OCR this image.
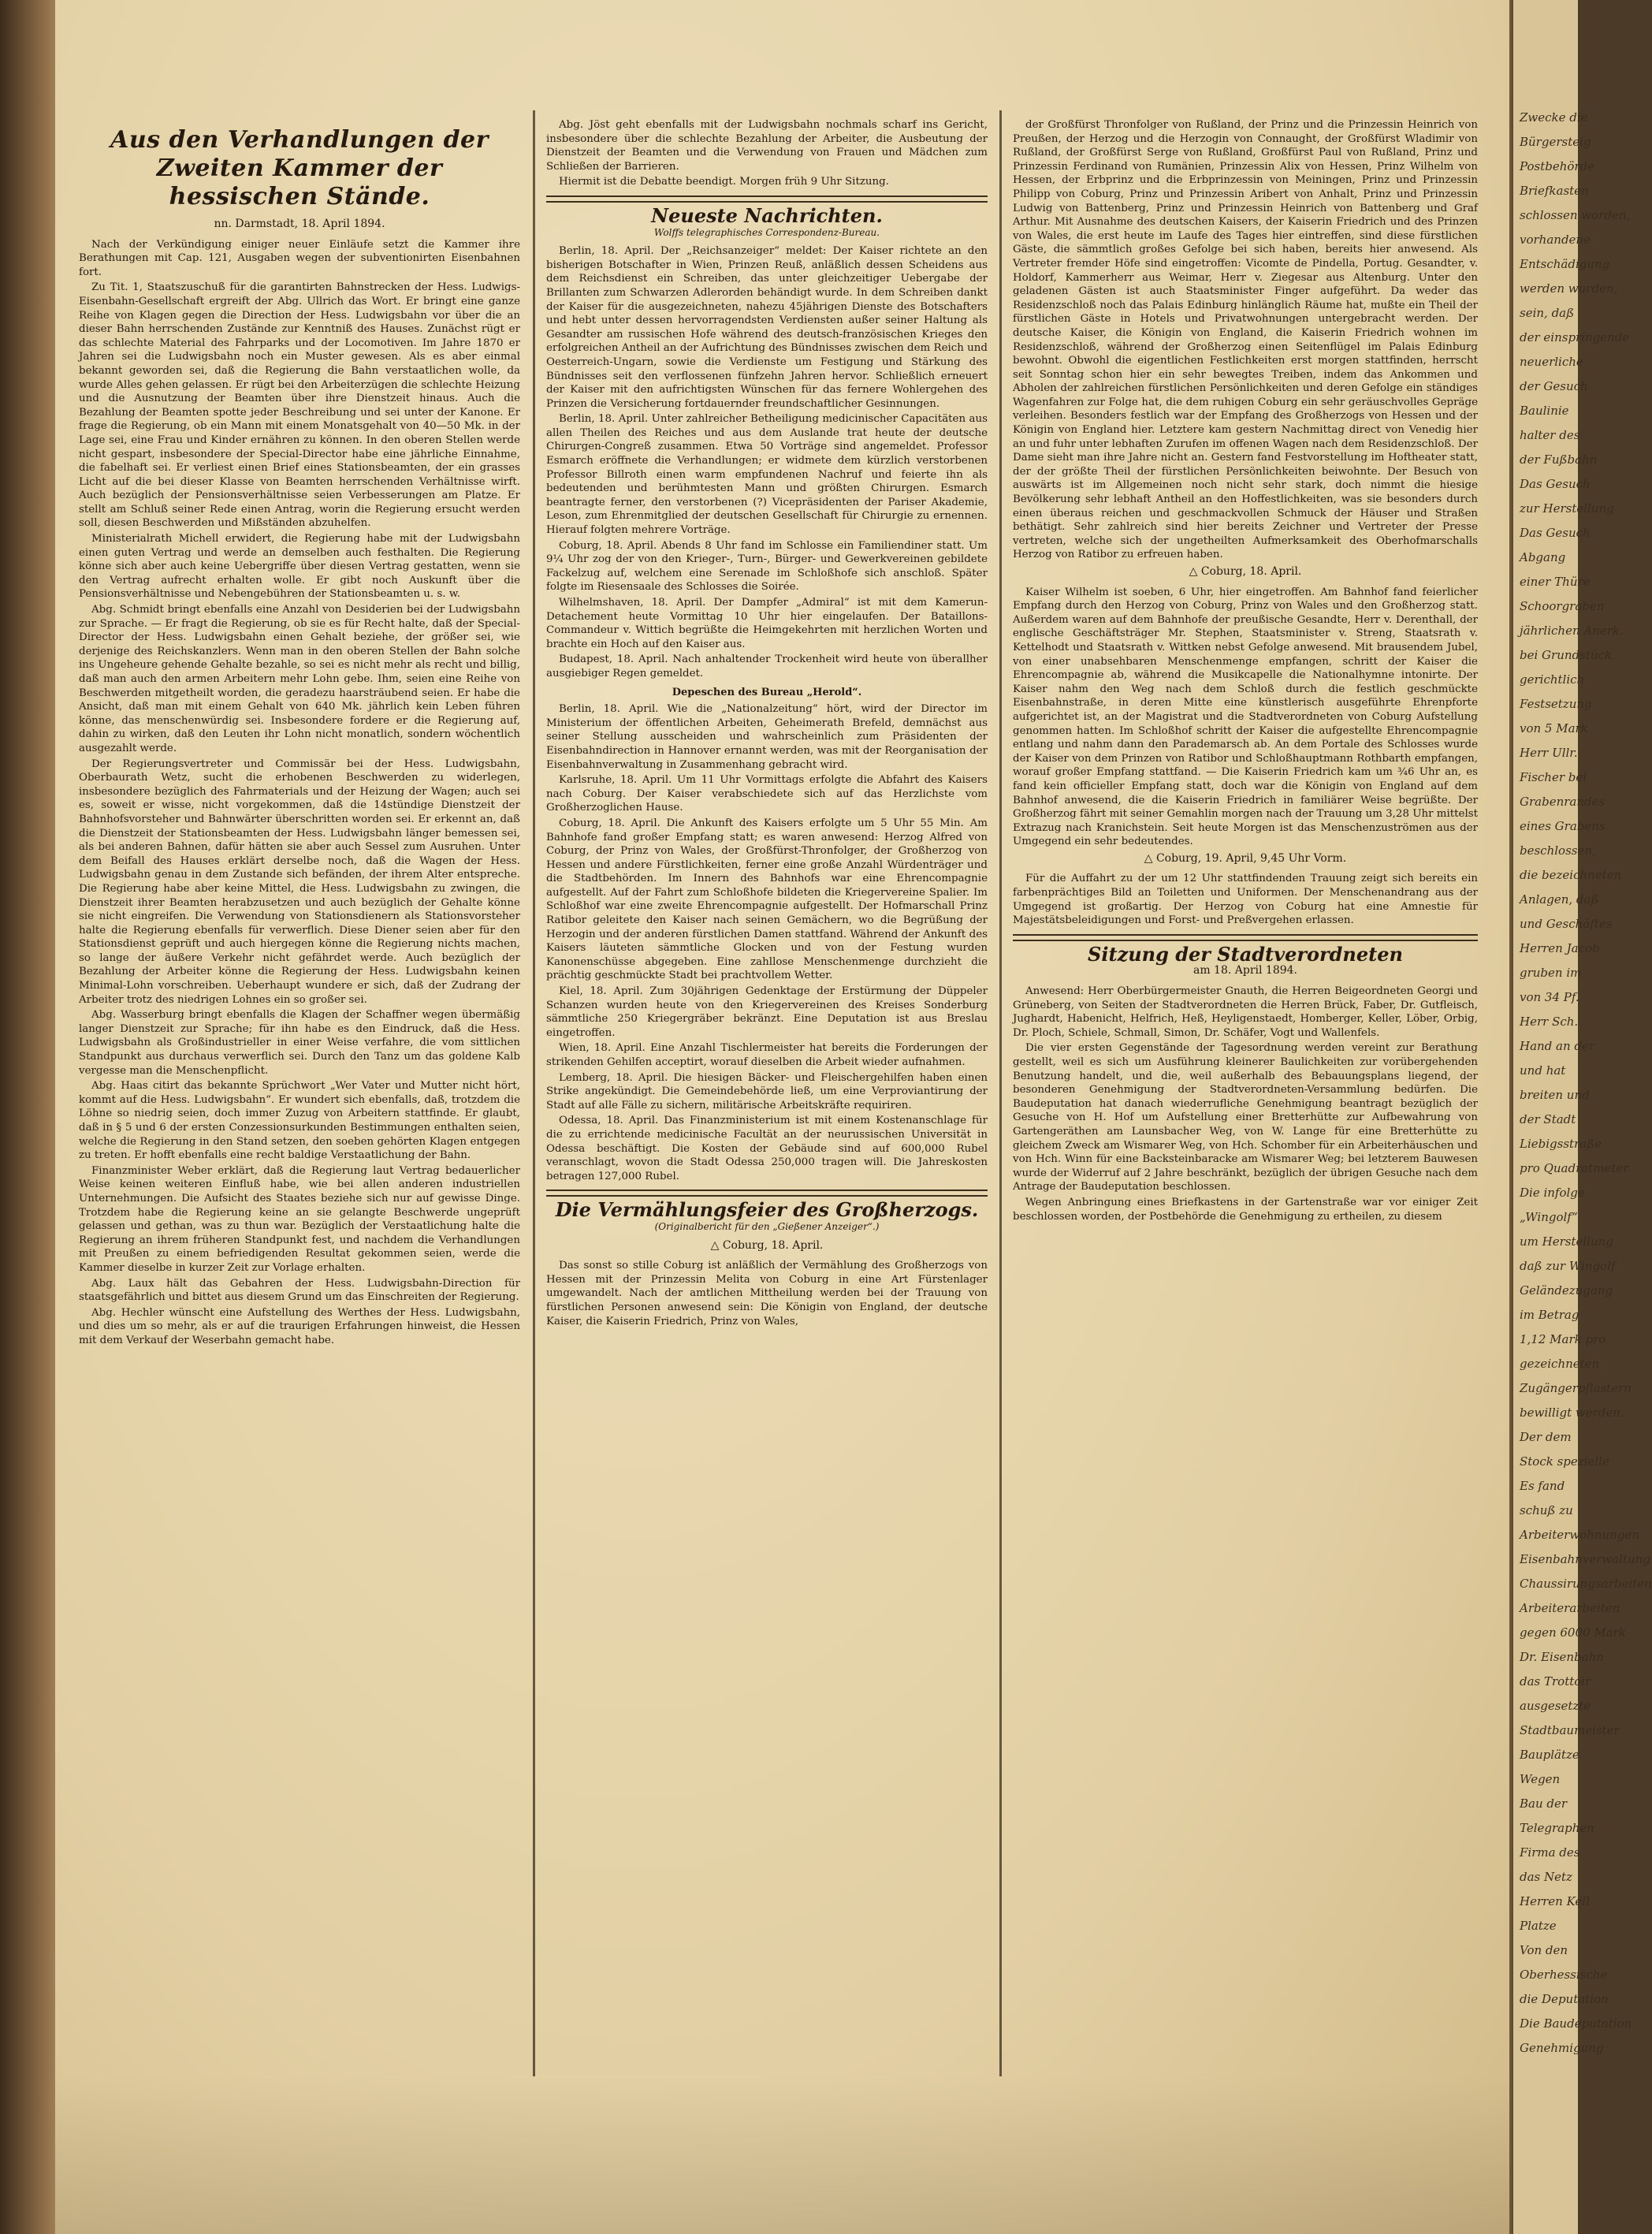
Aus den Verhandlungen der Zweiten Kammer der hessischen Stände.
nn. Darmstadt, 18. April 1894.

Nach der Verkündigung einiger neuer Einläufe setzt die Kammer ihre Berathungen mit Cap. 121, Ausgaben wegen der subventionirten Eisenbahnen fort.

Zu Tit. 1, Staatszuschuß für die garantirten Bahnstrecken der Hess. Ludwigs-Eisenbahn-Gesellschaft ergreift der Abg. Ullrich das Wort. Er bringt eine ganze Reihe von Klagen gegen die Direction der Hess. Ludwigsbahn vor über die an dieser Bahn herrschenden Zustände zur Kenntniß des Hauses. Zunächst rügt er das schlechte Material des Fahrparks und der Locomotiven. Im Jahre 1870 er Jahren sei die Ludwigsbahn noch ein Muster gewesen. Als es aber einmal bekannt geworden sei, daß die Regierung die Bahn verstaatlichen wolle, da wurde Alles gehen gelassen. Er rügt bei den Arbeiterzügen die schlechte Heizung und die Ausnutzung der Beamten über ihre Dienstzeit hinaus. Auch die Bezahlung der Beamten spotte jeder Beschreibung und sei unter der Kanone. Er frage die Regierung, ob ein Mann mit einem Monatsgehalt von 40—50 Mk. in der Lage sei, eine Frau und Kinder ernähren zu können. In den oberen Stellen werde nicht gespart, insbesondere der Special-Director habe eine jährliche Einnahme, die fabelhaft sei. Er verliest einen Brief eines Stationsbeamten, der ein grasses Licht auf die bei dieser Klasse von Beamten herrschenden Verhältnisse wirft. Auch bezüglich der Pensionsverhältnisse seien Verbesserungen am Platze. Er stellt am Schluß seiner Rede einen Antrag, worin die Regierung ersucht werden soll, diesen Beschwerden und Mißständen abzuhelfen.

Ministerialrath Michell erwidert, die Regierung habe mit der Ludwigsbahn einen guten Vertrag und werde an demselben auch festhalten. Die Regierung könne sich aber auch keine Uebergriffe über diesen Vertrag gestatten, wenn sie den Vertrag aufrecht erhalten wolle. Er gibt noch Auskunft über die Pensionsverhältnisse und Nebengebühren der Stationsbeamten u. s. w.

Abg. Schmidt bringt ebenfalls eine Anzahl von Desiderien bei der Ludwigsbahn zur Sprache. — Er fragt die Regierung, ob sie es für Recht halte, daß der Special-Director der Hess. Ludwigsbahn einen Gehalt beziehe, der größer sei, wie derjenige des Reichskanzlers. Wenn man in den oberen Stellen der Bahn solche ins Ungeheure gehende Gehalte bezahle, so sei es nicht mehr als recht und billig, daß man auch den armen Arbeitern mehr Lohn gebe. Ihm, seien eine Reihe von Beschwerden mitgetheilt worden, die geradezu haarsträubend seien. Er habe die Ansicht, daß man mit einem Gehalt von 640 Mk. jährlich kein Leben führen könne, das menschenwürdig sei. Insbesondere fordere er die Regierung auf, dahin zu wirken, daß den Leuten ihr Lohn nicht monatlich, sondern wöchentlich ausgezahlt werde.

Der Regierungsvertreter und Commissär bei der Hess. Ludwigsbahn, Oberbaurath Wetz, sucht die erhobenen Beschwerden zu widerlegen, insbesondere bezüglich des Fahrmaterials und der Heizung der Wagen; auch sei es, soweit er wisse, nicht vorgekommen, daß die 14stündige Dienstzeit der Bahnhofsvorsteher und Bahnwärter überschritten worden sei. Er erkennt an, daß die Dienstzeit der Stationsbeamten der Hess. Ludwigsbahn länger bemessen sei, als bei anderen Bahnen, dafür hätten sie aber auch Sessel zum Ausruhen. Unter dem Beifall des Hauses erklärt derselbe noch, daß die Wagen der Hess. Ludwigsbahn genau in dem Zustande sich befänden, der ihrem Alter entspreche. Die Regierung habe aber keine Mittel, die Hess. Ludwigsbahn zu zwingen, die Dienstzeit ihrer Beamten herabzusetzen und auch bezüglich der Gehalte könne sie nicht eingreifen. Die Verwendung von Stationsdienern als Stationsvorsteher halte die Regierung ebenfalls für verwerflich. Diese Diener seien aber für den Stationsdienst geprüft und auch hiergegen könne die Regierung nichts machen, so lange der äußere Verkehr nicht gefährdet werde. Auch bezüglich der Bezahlung der Arbeiter könne die Regierung der Hess. Ludwigsbahn keinen Minimal-Lohn vorschreiben. Ueberhaupt wundere er sich, daß der Zudrang der Arbeiter trotz des niedrigen Lohnes ein so großer sei.

Abg. Wasserburg bringt ebenfalls die Klagen der Schaffner wegen übermäßig langer Dienstzeit zur Sprache; für ihn habe es den Eindruck, daß die Hess. Ludwigsbahn als Großindustrieller in einer Weise verfahre, die vom sittlichen Standpunkt aus durchaus verwerflich sei. Durch den Tanz um das goldene Kalb vergesse man die Menschenpflicht.

Abg. Haas citirt das bekannte Sprüchwort „Wer Vater und Mutter nicht hört, kommt auf die Hess. Ludwigsbahn“. Er wundert sich ebenfalls, daß, trotzdem die Löhne so niedrig seien, doch immer Zuzug von Arbeitern stattfinde. Er glaubt, daß in § 5 und 6 der ersten Conzessionsurkunden Bestimmungen enthalten seien, welche die Regierung in den Stand setzen, den soeben gehörten Klagen entgegen zu treten. Er hofft ebenfalls eine recht baldige Verstaatlichung der Bahn.

Finanzminister Weber erklärt, daß die Regierung laut Vertrag bedauerlicher Weise keinen weiteren Einfluß habe, wie bei allen anderen industriellen Unternehmungen. Die Aufsicht des Staates beziehe sich nur auf gewisse Dinge. Trotzdem habe die Regierung keine an sie gelangte Beschwerde ungeprüft gelassen und gethan, was zu thun war. Bezüglich der Verstaatlichung halte die Regierung an ihrem früheren Standpunkt fest, und nachdem die Verhandlungen mit Preußen zu einem befriedigenden Resultat gekommen seien, werde die Kammer dieselbe in kurzer Zeit zur Vorlage erhalten.

Abg. Laux hält das Gebahren der Hess. Ludwigsbahn-Direction für staatsgefährlich und bittet aus diesem Grund um das Einschreiten der Regierung.

Abg. Hechler wünscht eine Aufstellung des Werthes der Hess. Ludwigsbahn, und dies um so mehr, als er auf die traurigen Erfahrungen hinweist, die Hessen mit dem Verkauf der Weserbahn gemacht habe.

Abg. Jöst geht ebenfalls mit der Ludwigsbahn nochmals scharf ins Gericht, insbesondere über die schlechte Bezahlung der Arbeiter, die Ausbeutung der Dienstzeit der Beamten und die Verwendung von Frauen und Mädchen zum Schließen der Barrieren.

Hiermit ist die Debatte beendigt. Morgen früh 9 Uhr Sitzung.

Neueste Nachrichten.
Wolffs telegraphisches Correspondenz-Bureau.

Berlin, 18. April. Der „Reichsanzeiger“ meldet: Der Kaiser richtete an den bisherigen Botschafter in Wien, Prinzen Reuß, anläßlich dessen Scheidens aus dem Reichsdienst ein Schreiben, das unter gleichzeitiger Uebergabe der Brillanten zum Schwarzen Adlerorden behändigt wurde. In dem Schreiben dankt der Kaiser für die ausgezeichneten, nahezu 45jährigen Dienste des Botschafters und hebt unter dessen hervorragendsten Verdiensten außer seiner Haltung als Gesandter am russischen Hofe während des deutsch-französischen Krieges den erfolgreichen Antheil an der Aufrichtung des Bündnisses zwischen dem Reich und Oesterreich-Ungarn, sowie die Verdienste um Festigung und Stärkung des Bündnisses seit den verflossenen fünfzehn Jahren hervor. Schließlich erneuert der Kaiser mit den aufrichtigsten Wünschen für das fernere Wohlergehen des Prinzen die Versicherung fortdauernder freundschaftlicher Gesinnungen.

Berlin, 18. April. Unter zahlreicher Betheiligung medicinischer Capacitäten aus allen Theilen des Reiches und aus dem Auslande trat heute der deutsche Chirurgen-Congreß zusammen. Etwa 50 Vorträge sind angemeldet. Professor Esmarch eröffnete die Verhandlungen; er widmete dem kürzlich verstorbenen Professor Billroth einen warm empfundenen Nachruf und feierte ihn als bedeutenden und berühmtesten Mann und größten Chirurgen. Esmarch beantragte ferner, den verstorbenen (?) Vicepräsidenten der Pariser Akademie, Leson, zum Ehrenmitglied der deutschen Gesellschaft für Chirurgie zu ernennen. Hierauf folgten mehrere Vorträge.

Coburg, 18. April. Abends 8 Uhr fand im Schlosse ein Familiendiner statt. Um 9¼ Uhr zog der von den Krieger-, Turn-, Bürger- und Gewerkvereinen gebildete Fackelzug auf, welchem eine Serenade im Schloßhofe sich anschloß. Später folgte im Riesensaale des Schlosses die Soirée.

Wilhelmshaven, 18. April. Der Dampfer „Admiral“ ist mit dem Kamerun-Detachement heute Vormittag 10 Uhr hier eingelaufen. Der Bataillons-Commandeur v. Wittich begrüßte die Heimgekehrten mit herzlichen Worten und brachte ein Hoch auf den Kaiser aus.

Budapest, 18. April. Nach anhaltender Trockenheit wird heute von überallher ausgiebiger Regen gemeldet.

Depeschen des Bureau „Herold“.

Berlin, 18. April. Wie die „Nationalzeitung“ hört, wird der Director im Ministerium der öffentlichen Arbeiten, Geheimerath Brefeld, demnächst aus seiner Stellung ausscheiden und wahrscheinlich zum Präsidenten der Eisenbahndirection in Hannover ernannt werden, was mit der Reorganisation der Eisenbahnverwaltung in Zusammenhang gebracht wird.

Karlsruhe, 18. April. Um 11 Uhr Vormittags erfolgte die Abfahrt des Kaisers nach Coburg. Der Kaiser verabschiedete sich auf das Herzlichste vom Großherzoglichen Hause.

Coburg, 18. April. Die Ankunft des Kaisers erfolgte um 5 Uhr 55 Min. Am Bahnhofe fand großer Empfang statt; es waren anwesend: Herzog Alfred von Coburg, der Prinz von Wales, der Großfürst-Thronfolger, der Großherzog von Hessen und andere Fürstlichkeiten, ferner eine große Anzahl Würdenträger und die Stadtbehörden. Im Innern des Bahnhofs war eine Ehrencompagnie aufgestellt. Auf der Fahrt zum Schloßhofe bildeten die Kriegervereine Spalier. Im Schloßhof war eine zweite Ehrencompagnie aufgestellt. Der Hofmarschall Prinz Ratibor geleitete den Kaiser nach seinen Gemächern, wo die Begrüßung der Herzogin und der anderen fürstlichen Damen stattfand. Während der Ankunft des Kaisers läuteten sämmtliche Glocken und von der Festung wurden Kanonenschüsse abgegeben. Eine zahllose Menschenmenge durchzieht die prächtig geschmückte Stadt bei prachtvollem Wetter.

Kiel, 18. April. Zum 30jährigen Gedenktage der Erstürmung der Düppeler Schanzen wurden heute von den Kriegervereinen des Kreises Sonderburg sämmtliche 250 Kriegergräber bekränzt. Eine Deputation ist aus Breslau eingetroffen.

Wien, 18. April. Eine Anzahl Tischlermeister hat bereits die Forderungen der strikenden Gehilfen acceptirt, worauf dieselben die Arbeit wieder aufnahmen.

Lemberg, 18. April. Die hiesigen Bäcker- und Fleischergehilfen haben einen Strike angekündigt. Die Gemeindebehörde ließ, um eine Verproviantirung der Stadt auf alle Fälle zu sichern, militärische Arbeitskräfte requiriren.

Odessa, 18. April. Das Finanzministerium ist mit einem Kostenanschlage für die zu errichtende medicinische Facultät an der neurussischen Universität in Odessa beschäftigt. Die Kosten der Gebäude sind auf 600,000 Rubel veranschlagt, wovon die Stadt Odessa 250,000 tragen will. Die Jahreskosten betragen 127,000 Rubel.

Die Vermählungsfeier des Großherzogs.
(Originalbericht für den „Gießener Anzeiger“.)
△ Coburg, 18. April.

Das sonst so stille Coburg ist anläßlich der Vermählung des Großherzogs von Hessen mit der Prinzessin Melita von Coburg in eine Art Fürstenlager umgewandelt. Nach der amtlichen Mittheilung werden bei der Trauung von fürstlichen Personen anwesend sein: Die Königin von England, der deutsche Kaiser, die Kaiserin Friedrich, Prinz von Wales,

der Großfürst Thronfolger von Rußland, der Prinz und die Prinzessin Heinrich von Preußen, der Herzog und die Herzogin von Connaught, der Großfürst Wladimir von Rußland, der Großfürst Serge von Rußland, Großfürst Paul von Rußland, Prinz und Prinzessin Ferdinand von Rumänien, Prinzessin Alix von Hessen, Prinz Wilhelm von Hessen, der Erbprinz und die Erbprinzessin von Meiningen, Prinz und Prinzessin Philipp von Coburg, Prinz und Prinzessin Aribert von Anhalt, Prinz und Prinzessin Ludwig von Battenberg, Prinz und Prinzessin Heinrich von Battenberg und Graf Arthur. Mit Ausnahme des deutschen Kaisers, der Kaiserin Friedrich und des Prinzen von Wales, die erst heute im Laufe des Tages hier eintreffen, sind diese fürstlichen Gäste, die sämmtlich großes Gefolge bei sich haben, bereits hier anwesend. Als Vertreter fremder Höfe sind eingetroffen: Vicomte de Pindella, Portug. Gesandter, v. Holdorf, Kammerherr aus Weimar, Herr v. Ziegesar aus Altenburg. Unter den geladenen Gästen ist auch Staatsminister Finger aufgeführt. Da weder das Residenzschloß noch das Palais Edinburg hinlänglich Räume hat, mußte ein Theil der fürstlichen Gäste in Hotels und Privatwohnungen untergebracht werden. Der deutsche Kaiser, die Königin von England, die Kaiserin Friedrich wohnen im Residenzschloß, während der Großherzog einen Seitenflügel im Palais Edinburg bewohnt. Obwohl die eigentlichen Festlichkeiten erst morgen stattfinden, herrscht seit Sonntag schon hier ein sehr bewegtes Treiben, indem das Ankommen und Abholen der zahlreichen fürstlichen Persönlichkeiten und deren Gefolge ein ständiges Wagenfahren zur Folge hat, die dem ruhigen Coburg ein sehr geräuschvolles Gepräge verleihen. Besonders festlich war der Empfang des Großherzogs von Hessen und der Königin von England hier. Letztere kam gestern Nachmittag direct von Venedig hier an und fuhr unter lebhaften Zurufen im offenen Wagen nach dem Residenzschloß. Der Dame sieht man ihre Jahre nicht an. Gestern fand Festvorstellung im Hoftheater statt, der der größte Theil der fürstlichen Persönlichkeiten beiwohnte. Der Besuch von auswärts ist im Allgemeinen noch nicht sehr stark, doch nimmt die hiesige Bevölkerung sehr lebhaft Antheil an den Hoffestlichkeiten, was sie besonders durch einen überaus reichen und geschmackvollen Schmuck der Häuser und Straßen bethätigt. Sehr zahlreich sind hier bereits Zeichner und Vertreter der Presse vertreten, welche sich der ungetheilten Aufmerksamkeit des Oberhofmarschalls Herzog von Ratibor zu erfreuen haben.

△ Coburg, 18. April.

Kaiser Wilhelm ist soeben, 6 Uhr, hier eingetroffen. Am Bahnhof fand feierlicher Empfang durch den Herzog von Coburg, Prinz von Wales und den Großherzog statt. Außerdem waren auf dem Bahnhofe der preußische Gesandte, Herr v. Derenthall, der englische Geschäftsträger Mr. Stephen, Staatsminister v. Streng, Staatsrath v. Kettelhodt und Staatsrath v. Wittken nebst Gefolge anwesend. Mit brausendem Jubel, von einer unabsehbaren Menschenmenge empfangen, schritt der Kaiser die Ehrencompagnie ab, während die Musikcapelle die Nationalhymne intonirte. Der Kaiser nahm den Weg nach dem Schloß durch die festlich geschmückte Eisenbahnstraße, in deren Mitte eine künstlerisch ausgeführte Ehrenpforte aufgerichtet ist, an der Magistrat und die Stadtverordneten von Coburg Aufstellung genommen hatten. Im Schloßhof schritt der Kaiser die aufgestellte Ehrencompagnie entlang und nahm dann den Parademarsch ab. An dem Portale des Schlosses wurde der Kaiser von dem Prinzen von Ratibor und Schloßhauptmann Rothbarth empfangen, worauf großer Empfang stattfand. — Die Kaiserin Friedrich kam um ¾6 Uhr an, es fand kein officieller Empfang statt, doch war die Königin von England auf dem Bahnhof anwesend, die die Kaiserin Friedrich in familiärer Weise begrüßte. Der Großherzog fährt mit seiner Gemahlin morgen nach der Trauung um 3,28 Uhr mittelst Extrazug nach Kranichstein. Seit heute Morgen ist das Menschenzuströmen aus der Umgegend ein sehr bedeutendes.

△ Coburg, 19. April, 9,45 Uhr Vorm.

Für die Auffahrt zu der um 12 Uhr stattfindenden Trauung zeigt sich bereits ein farbenprächtiges Bild an Toiletten und Uniformen. Der Menschenandrang aus der Umgegend ist großartig. Der Herzog von Coburg hat eine Amnestie für Majestätsbeleidigungen und Forst- und Preßvergehen erlassen.

Sitzung der Stadtverordneten
am 18. April 1894.

Anwesend: Herr Oberbürgermeister Gnauth, die Herren Beigeordneten Georgi und Grüneberg, von Seiten der Stadtverordneten die Herren Brück, Faber, Dr. Gutfleisch, Jughardt, Habenicht, Helfrich, Heß, Heyligenstaedt, Homberger, Keller, Löber, Orbig, Dr. Ploch, Schiele, Schmall, Simon, Dr. Schäfer, Vogt und Wallenfels.

Die vier ersten Gegenstände der Tagesordnung werden vereint zur Berathung gestellt, weil es sich um Ausführung kleinerer Baulichkeiten zur vorübergehenden Benutzung handelt, und die, weil außerhalb des Bebauungsplans liegend, der besonderen Genehmigung der Stadtverordneten-Versammlung bedürfen. Die Baudeputation hat danach wiederrufliche Genehmigung beantragt bezüglich der Gesuche von H. Hof um Aufstellung einer Bretterhütte zur Aufbewahrung von Gartengeräthen am Launsbacher Weg, von W. Lange für eine Bretterhütte zu gleichem Zweck am Wismarer Weg, von Hch. Schomber für ein Arbeiterhäuschen und von Hch. Winn für eine Backsteinbaracke am Wismarer Weg; bei letzterem Bauwesen wurde der Widerruf auf 2 Jahre beschränkt, bezüglich der übrigen Gesuche nach dem Antrage der Baudeputation beschlossen.

Wegen Anbringung eines Briefkastens in der Gartenstraße war vor einiger Zeit beschlossen worden, der Postbehörde die Genehmigung zu ertheilen, zu diesem

Zwecke die
Bürgersteig
Postbehörde
Briefkasten
schlossen worden,
vorhandene
Entschädigung
werden wurden,
sein, daß
der einspringende
neuerliche
der Gesuch
Baulinie
halter des
der Fußbahn
Das Gesuch
zur Herstellung
Das Gesuch
Abgang
einer Thüre
Schoorgraben
jährlichen Anerk.
bei Grundstück
gerichtlich
Festsetzung
von 5 Mark
Herr Ullr.
Fischer bei
Grabenrandes
eines Grabens
beschlossen,
die bezeichneten
Anlagen, daß
und Geschäftes
Herren Jacob
gruben im
von 34 Pf.
Herr Sch.
Hand an der
und hat
breiten und
der Stadt
Liebigsstraße
pro Quadratmeter
Die infolge
„Wingolf“
um Herstellung
daß zur Wingolf
Geländezugang
im Betrag
1,12 Mark pro
gezeichneten
Zugängerpflastern
bewilligt werden.
Der dem
Stock spezielle
Es fand
schuß zu
Arbeiterwohnungen
Eisenbahnverwaltung
Chaussirungsarbeiten
Arbeiterarbeiten
gegen 6000 Mark
Dr. Eisenbahn
das Trottoir
ausgesetzte
Stadtbaumeister
Bauplätze
Wegen
Bau der
Telegraphen
Firma des
das Netz
Herren Kell
Platze
Von den
Oberhessische
die Deputation
Die Baudeputation
Genehmigung
